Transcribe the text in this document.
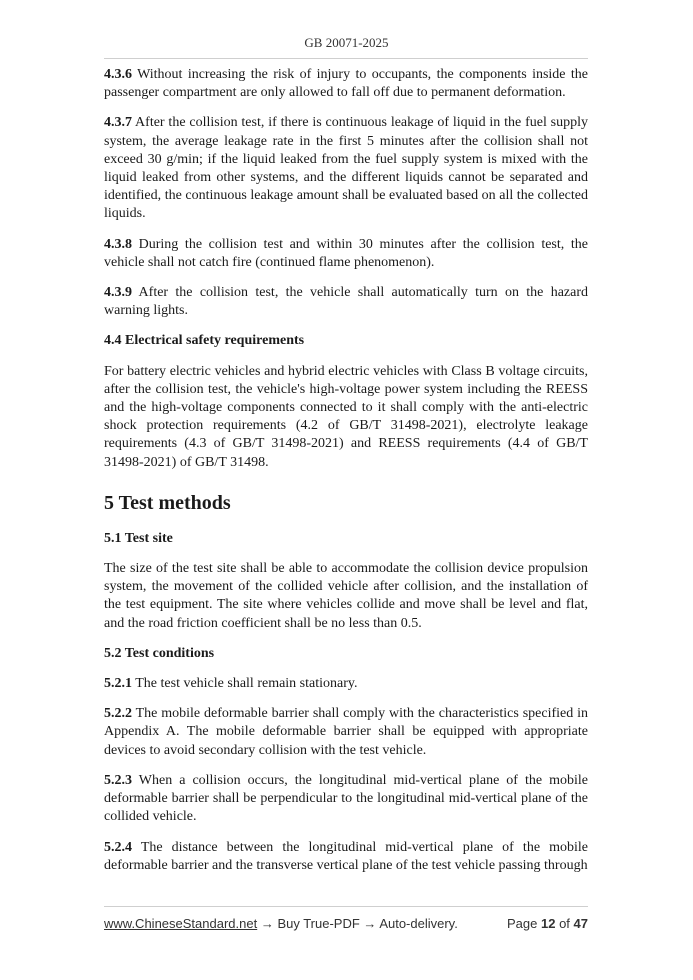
GB 20071-2025

4.3.6 Without increasing the risk of injury to occupants, the components inside the passenger compartment are only allowed to fall off due to permanent deformation.

4.3.7 After the collision test, if there is continuous leakage of liquid in the fuel supply system, the average leakage rate in the first 5 minutes after the collision shall not exceed 30 g/min; if the liquid leaked from the fuel supply system is mixed with the liquid leaked from other systems, and the different liquids cannot be separated and identified, the continuous leakage amount shall be evaluated based on all the collected liquids.

4.3.8 During the collision test and within 30 minutes after the collision test, the vehicle shall not catch fire (continued flame phenomenon).

4.3.9 After the collision test, the vehicle shall automatically turn on the hazard warning lights.

4.4 Electrical safety requirements

For battery electric vehicles and hybrid electric vehicles with Class B voltage circuits, after the collision test, the vehicle's high-voltage power system including the REESS and the high-voltage components connected to it shall comply with the anti-electric shock protection requirements (4.2 of GB/T 31498-2021), electrolyte leakage requirements (4.3 of GB/T 31498-2021) and REESS requirements (4.4 of GB/T 31498-2021) of GB/T 31498.

5 Test methods
5.1 Test site

The size of the test site shall be able to accommodate the collision device propulsion system, the movement of the collided vehicle after collision, and the installation of the test equipment. The site where vehicles collide and move shall be level and flat, and the road friction coefficient shall be no less than 0.5.

5.2 Test conditions

5.2.1 The test vehicle shall remain stationary.

5.2.2 The mobile deformable barrier shall comply with the characteristics specified in Appendix A. The mobile deformable barrier shall be equipped with appropriate devices to avoid secondary collision with the test vehicle.

5.2.3 When a collision occurs, the longitudinal mid-vertical plane of the mobile deformable barrier shall be perpendicular to the longitudinal mid-vertical plane of the collided vehicle.

5.2.4 The distance between the longitudinal mid-vertical plane of the mobile deformable barrier and the transverse vertical plane of the test vehicle passing through

www.ChineseStandard.net → Buy True-PDF → Auto-delivery.	Page 12 of 47
